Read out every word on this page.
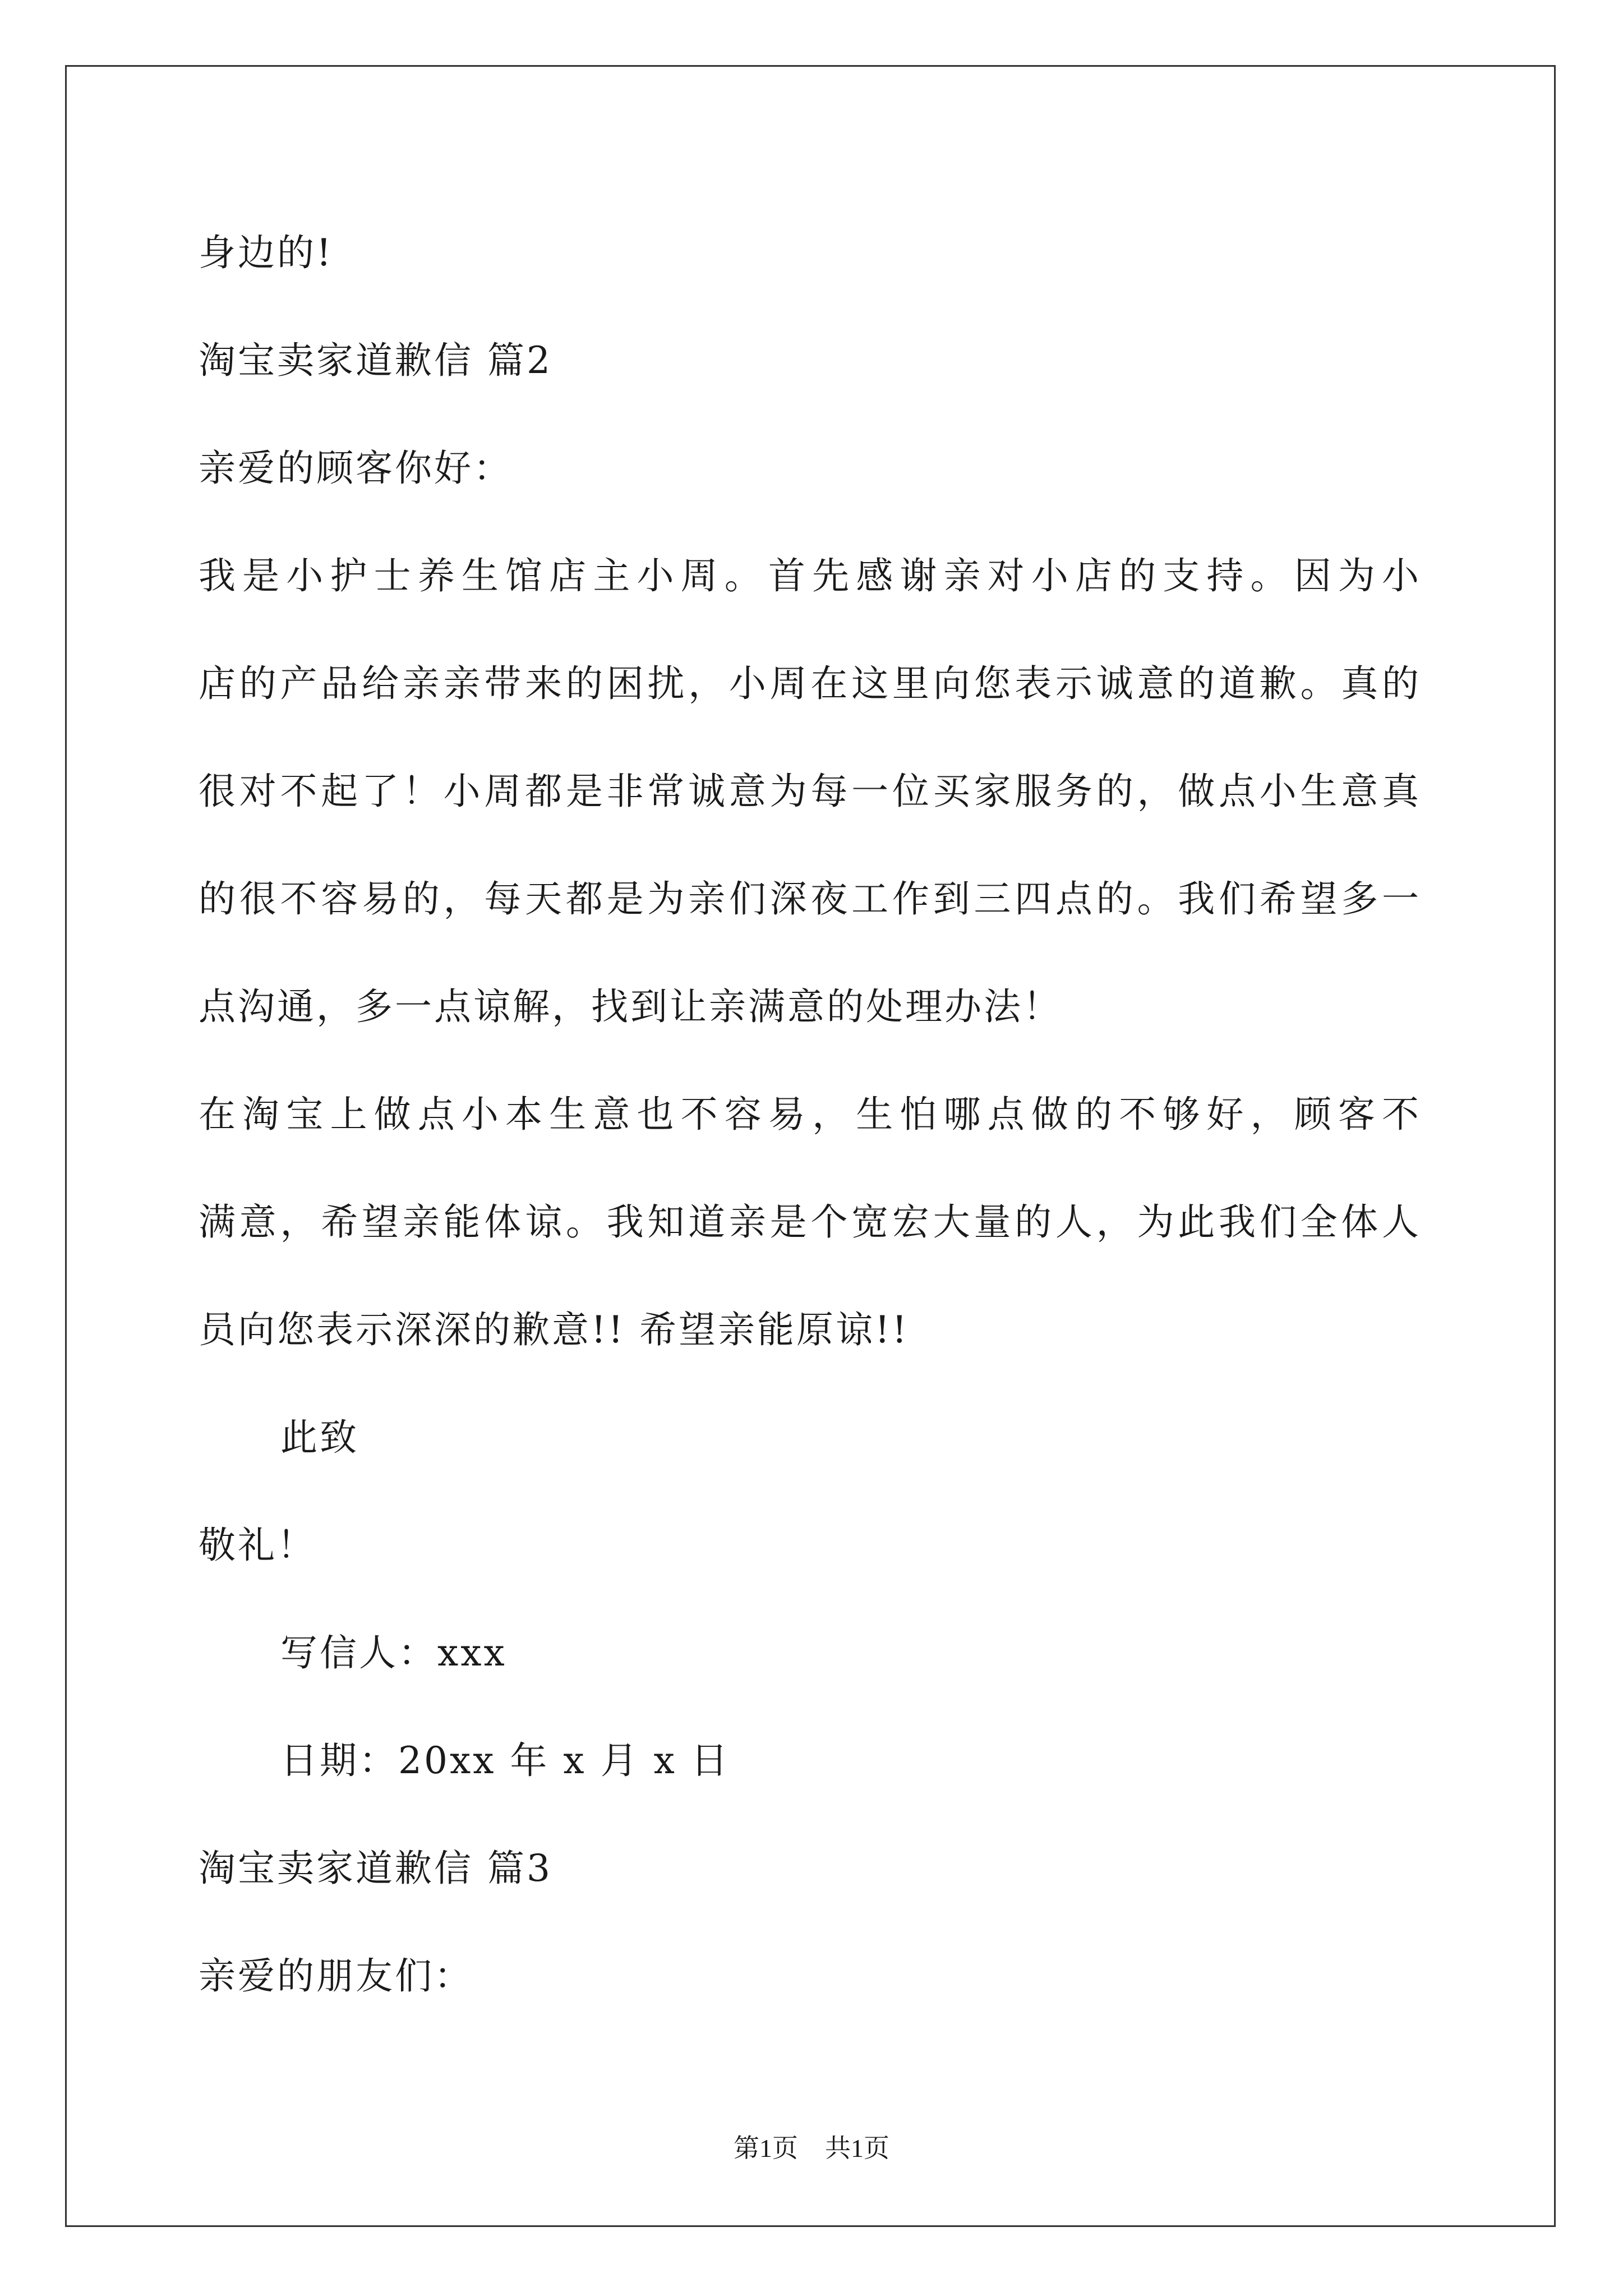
身边的!
淘宝卖家道歉信 篇2
亲爱的顾客你好：
我是小护士养生馆店主小周。首先感谢亲对小店的支持。因为小
店的产品给亲亲带来的困扰，小周在这里向您表示诚意的道歉。真的
很对不起了！小周都是非常诚意为每一位买家服务的，做点小生意真
的很不容易的，每天都是为亲们深夜工作到三四点的。我们希望多一
点沟通，多一点谅解，找到让亲满意的处理办法！
在淘宝上做点小本生意也不容易，生怕哪点做的不够好，顾客不
满意，希望亲能体谅。我知道亲是个宽宏大量的人，为此我们全体人
员向您表示深深的歉意!! 希望亲能原谅!!
此致
敬礼！
写信人：xxx
日期：20xx 年 x 月 x 日
淘宝卖家道歉信 篇3
亲爱的朋友们：
第1页 共1页
